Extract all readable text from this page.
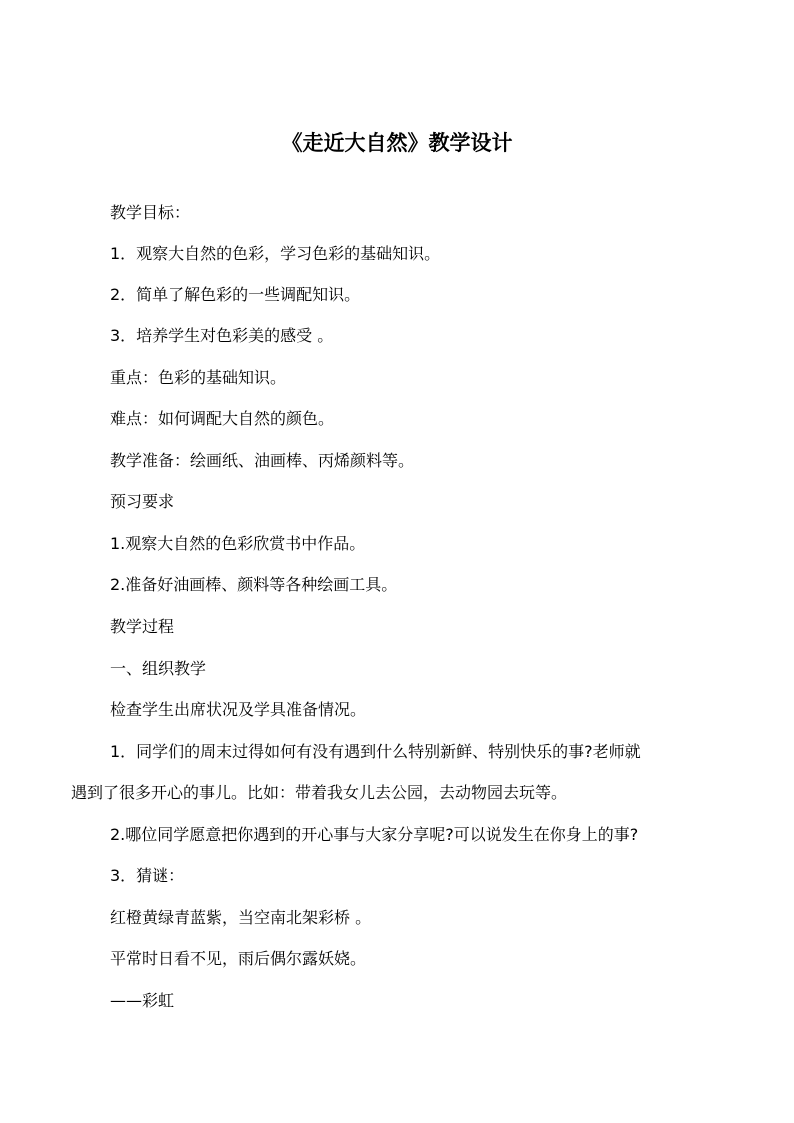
《走近大自然》教学设计
教学目标：
1．观察大自然的色彩，学习色彩的基础知识。
2．简单了解色彩的一些调配知识。
3．培养学生对色彩美的感受 。
重点：色彩的基础知识。
难点：如何调配大自然的颜色。
教学准备：绘画纸、油画棒、丙烯颜料等。
预习要求
1.观察大自然的色彩欣赏书中作品。
2.准备好油画棒、颜料等各种绘画工具。
教学过程
一、组织教学
检查学生出席状况及学具准备情况。
1．同学们的周末过得如何有没有遇到什么特别新鲜、特别快乐的事?老师就
遇到了很多开心的事儿。比如：带着我女儿去公园，去动物园去玩等。
2.哪位同学愿意把你遇到的开心事与大家分享呢?可以说发生在你身上的事?
3．猜谜：
红橙黄绿青蓝紫，当空南北架彩桥 。
平常时日看不见，雨后偶尔露妖娆。
——彩虹
